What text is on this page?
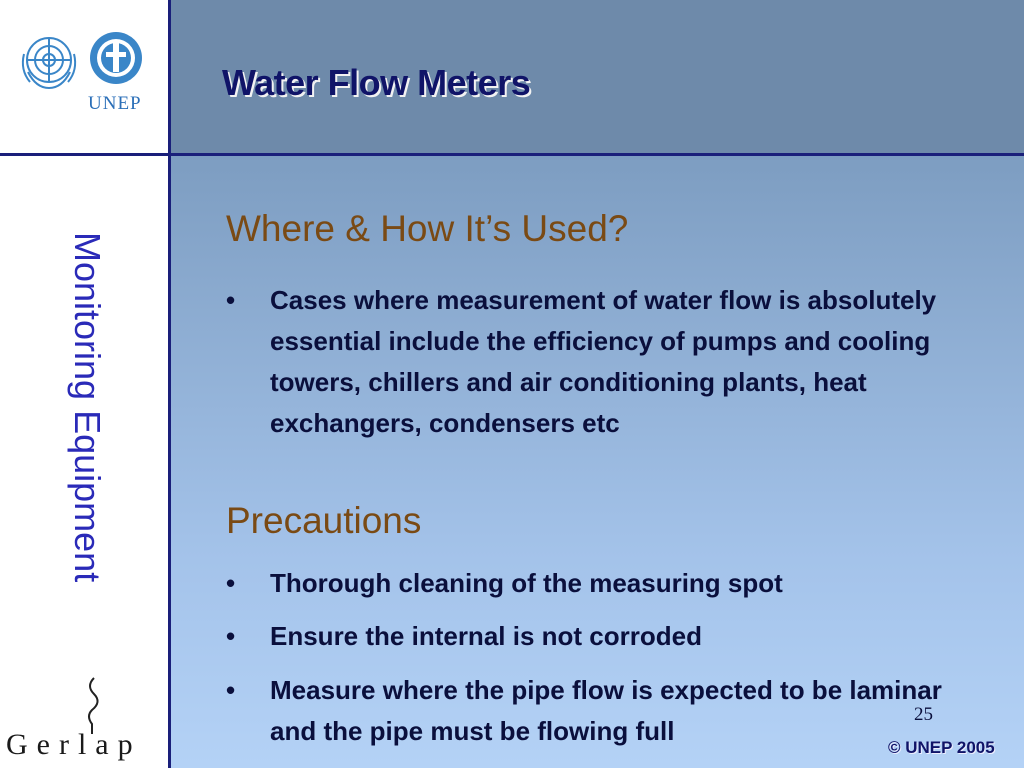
UNEP
Monitoring Equipment
Gerlap
Water Flow Meters
Where & How It’s Used?
•	Cases where measurement of water flow is absolutely essential include the efficiency of pumps and cooling towers, chillers and air conditioning plants, heat exchangers, condensers etc
Precautions
•	Thorough cleaning of the measuring spot
•	Ensure the internal is not corroded
•	Measure where the pipe flow is expected to be laminar and the pipe must be flowing full
25
© UNEP 2005
